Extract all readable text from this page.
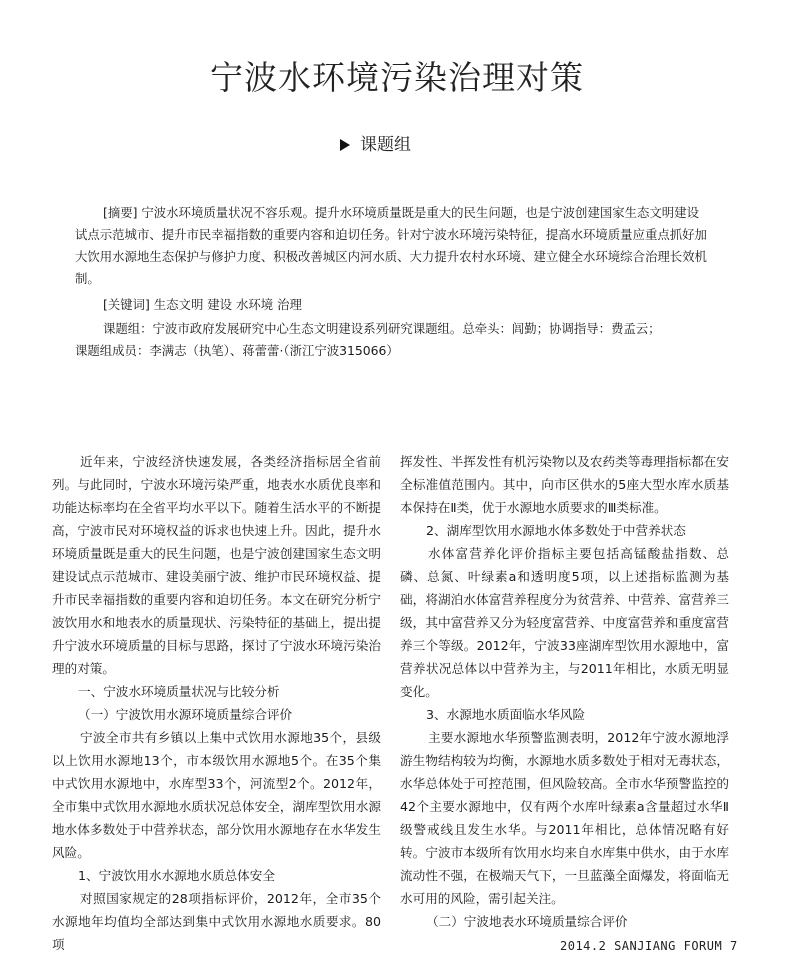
宁波水环境污染治理对策
课题组

[摘要] 宁波水环境质量状况不容乐观。提升水环境质量既是重大的民生问题，也是宁波创建国家生态文明建设试点示范城市、提升市民幸福指数的重要内容和迫切任务。针对宁波水环境污染特征，提高水环境质量应重点抓好加大饮用水源地生态保护与修护力度、积极改善城区内河水质、大力提升农村水环境、建立健全水环境综合治理长效机制。

[关键词] 生态文明 建设 水环境 治理

课题组：宁波市政府发展研究中心生态文明建设系列研究课题组。总牵头：闾勤；协调指导：费孟云；

课题组成员：李满志（执笔）、蒋蕾蕾·（浙江宁波315066）

近年来，宁波经济快速发展，各类经济指标居全省前列。与此同时，宁波水环境污染严重，地表水水质优良率和功能达标率均在全省平均水平以下。随着生活水平的不断提高，宁波市民对环境权益的诉求也快速上升。因此，提升水环境质量既是重大的民生问题，也是宁波创建国家生态文明建设试点示范城市、建设美丽宁波、维护市民环境权益、提升市民幸福指数的重要内容和迫切任务。本文在研究分析宁波饮用水和地表水的质量现状、污染特征的基础上，提出提升宁波水环境质量的目标与思路，探讨了宁波水环境污染治理的对策。

一、宁波水环境质量状况与比较分析

（一）宁波饮用水源环境质量综合评价

宁波全市共有乡镇以上集中式饮用水源地35个，县级以上饮用水源地13个，市本级饮用水源地5个。在35个集中式饮用水源地中，水库型33个，河流型2个。2012年，全市集中式饮用水源地水质状况总体安全，湖库型饮用水源地水体多数处于中营养状态，部分饮用水源地存在水华发生风险。

1、宁波饮用水水源地水质总体安全

对照国家规定的28项指标评价，2012年，全市35个水源地年均值均全部达到集中式饮用水源地水质要求。80项

挥发性、半挥发性有机污染物以及农药类等毒理指标都在安全标准值范围内。其中，向市区供水的5座大型水库水质基本保持在Ⅱ类，优于水源地水质要求的Ⅲ类标准。

2、湖库型饮用水源地水体多数处于中营养状态

水体富营养化评价指标主要包括高锰酸盐指数、总磷、总氮、叶绿素a和透明度5项，以上述指标监测为基础，将湖泊水体富营养程度分为贫营养、中营养、富营养三级，其中富营养又分为轻度富营养、中度富营养和重度富营养三个等级。2012年，宁波33座湖库型饮用水源地中，富营养状况总体以中营养为主，与2011年相比，水质无明显变化。

3、水源地水质面临水华风险

主要水源地水华预警监测表明，2012年宁波水源地浮游生物结构较为均衡，水源地水质多数处于相对无毒状态，水华总体处于可控范围，但风险较高。全市水华预警监控的42个主要水源地中，仅有两个水库叶绿素a含量超过水华Ⅱ级警戒线且发生水华。与2011年相比，总体情况略有好转。宁波市本级所有饮用水均来自水库集中供水，由于水库流动性不强，在极端天气下，一旦蓝藻全面爆发，将面临无水可用的风险，需引起关注。

（二）宁波地表水环境质量综合评价

2014.2 SANJIANG FORUM 7
